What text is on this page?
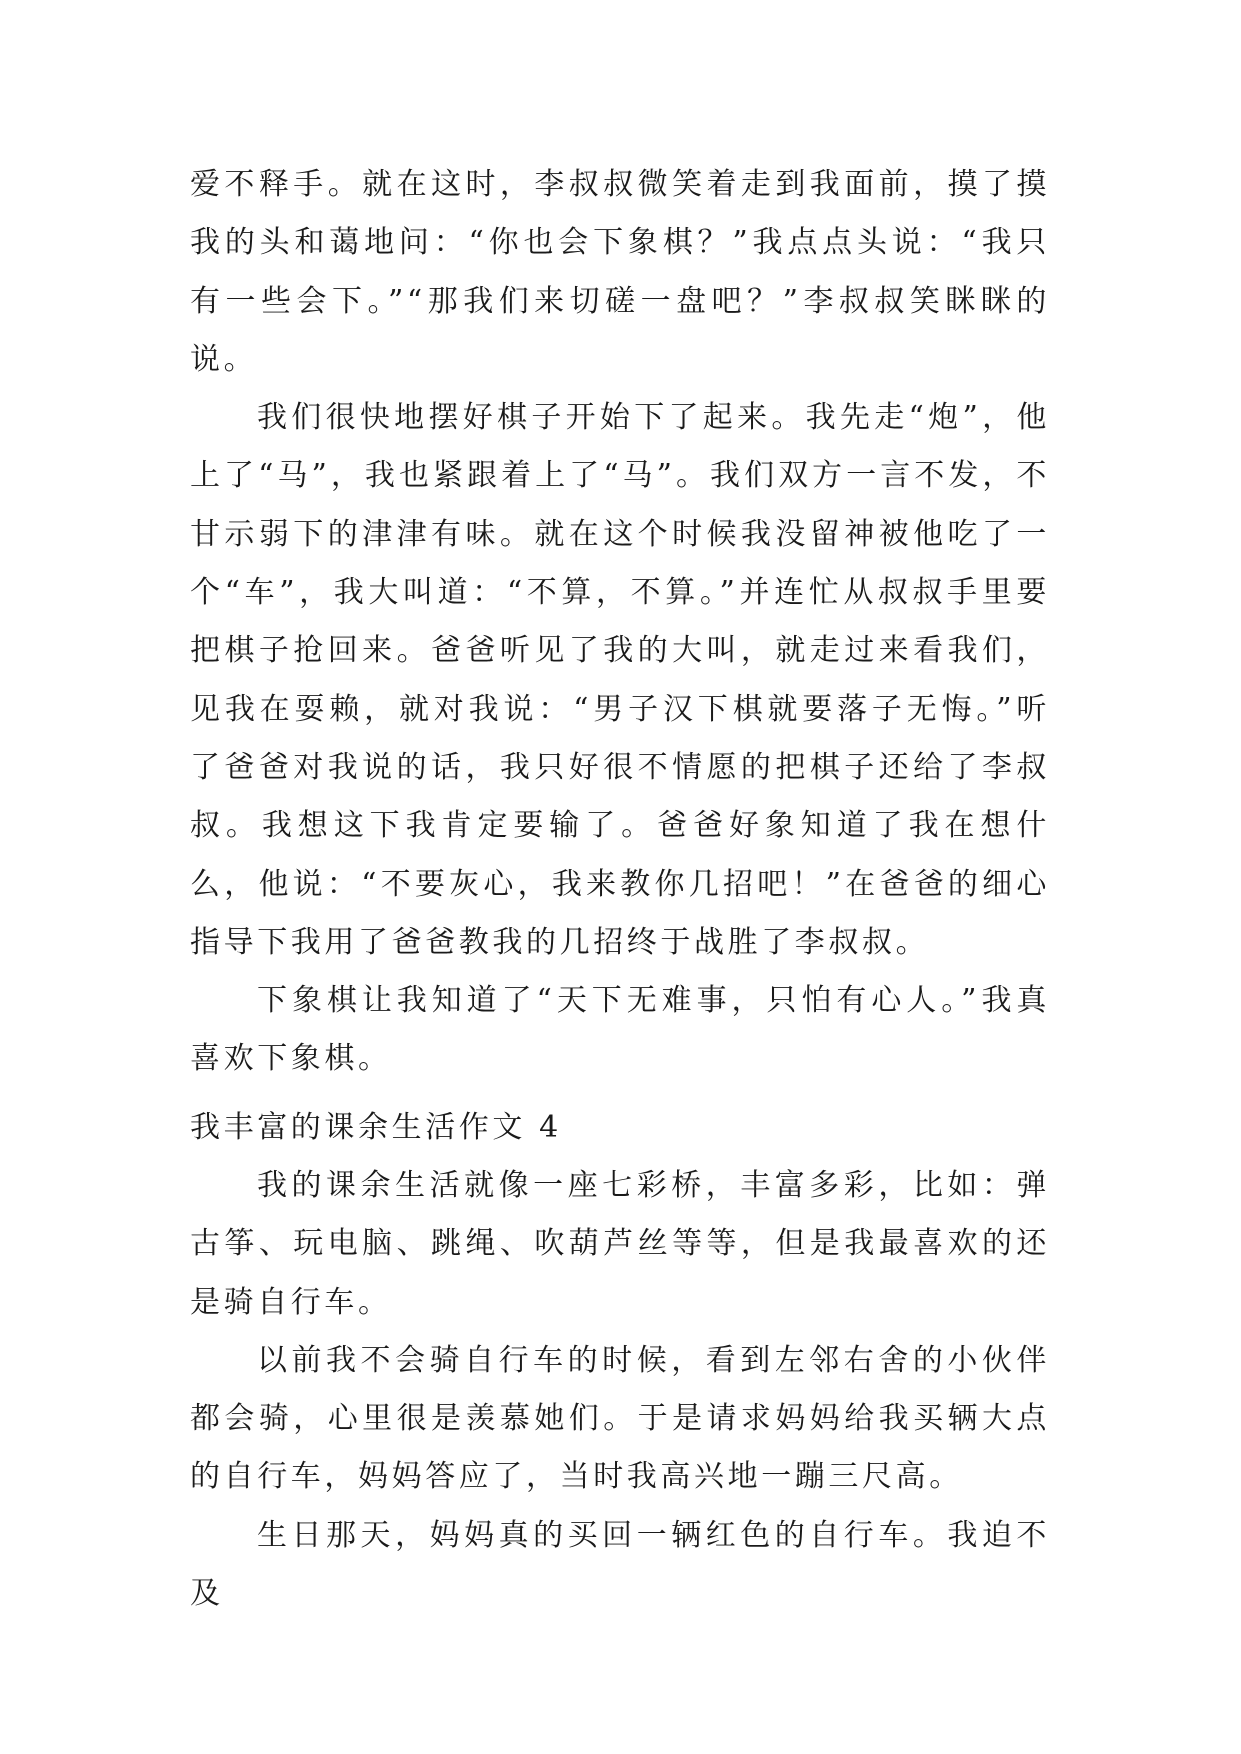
爱不释手。就在这时，李叔叔微笑着走到我面前，摸了摸我的头和蔼地问：“你也会下象棋？”我点点头说：“我只有一些会下。”“那我们来切磋一盘吧？”李叔叔笑眯眯的说。

我们很快地摆好棋子开始下了起来。我先走“炮”，他上了“马”，我也紧跟着上了“马”。我们双方一言不发，不甘示弱下的津津有味。就在这个时候我没留神被他吃了一个“车”，我大叫道：“不算，不算。”并连忙从叔叔手里要把棋子抢回来。爸爸听见了我的大叫，就走过来看我们，见我在耍赖，就对我说：“男子汉下棋就要落子无悔。”听了爸爸对我说的话，我只好很不情愿的把棋子还给了李叔叔。我想这下我肯定要输了。爸爸好象知道了我在想什么，他说：“不要灰心，我来教你几招吧！”在爸爸的细心指导下我用了爸爸教我的几招终于战胜了李叔叔。

下象棋让我知道了“天下无难事，只怕有心人。”我真喜欢下象棋。

我丰富的课余生活作文 4

我的课余生活就像一座七彩桥，丰富多彩，比如：弹古筝、玩电脑、跳绳、吹葫芦丝等等，但是我最喜欢的还是骑自行车。

以前我不会骑自行车的时候，看到左邻右舍的小伙伴都会骑，心里很是羡慕她们。于是请求妈妈给我买辆大点的自行车，妈妈答应了，当时我高兴地一蹦三尺高。

生日那天，妈妈真的买回一辆红色的自行车。我迫不及
